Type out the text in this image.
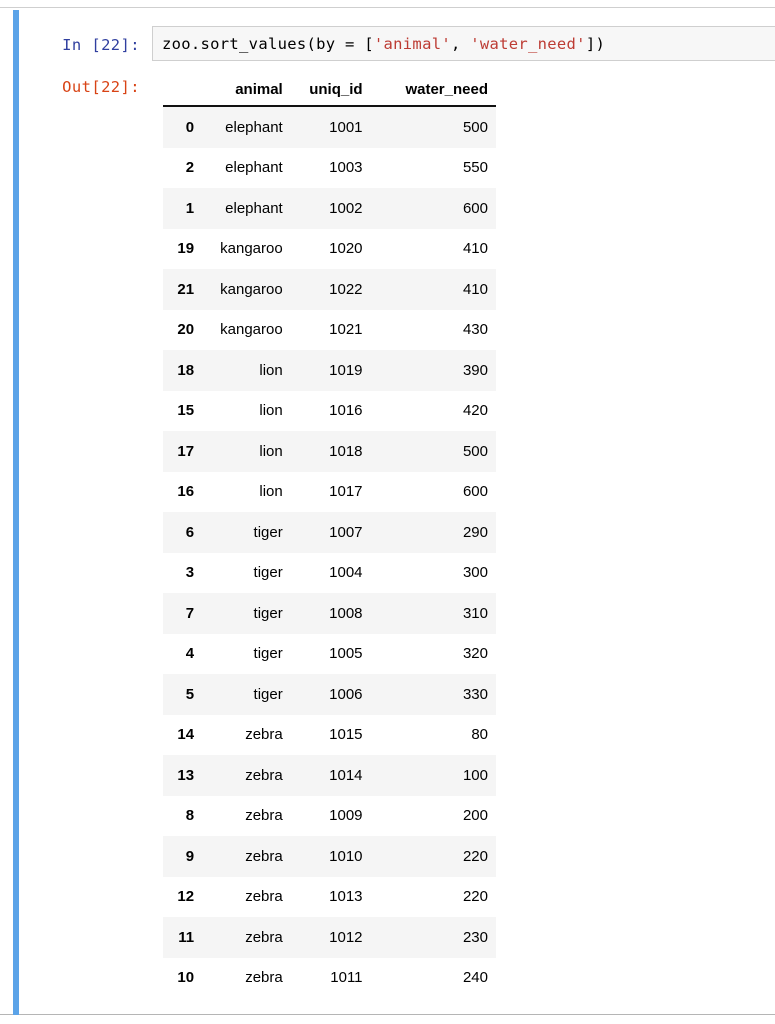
In [22]: zoo.sort_values(by = ['animal', 'water_need'])
Out[22]:
		animal	uniq_id	water_need
0	elephant	1001	500
2	elephant	1003	550
1	elephant	1002	600
19	kangaroo	1020	410
21	kangaroo	1022	410
20	kangaroo	1021	430
18	lion	1019	390
15	lion	1016	420
17	lion	1018	500
16	lion	1017	600
6	tiger	1007	290
3	tiger	1004	300
7	tiger	1008	310
4	tiger	1005	320
5	tiger	1006	330
14	zebra	1015	80
13	zebra	1014	100
8	zebra	1009	200
9	zebra	1010	220
12	zebra	1013	220
11	zebra	1012	230
10	zebra	1011	240
